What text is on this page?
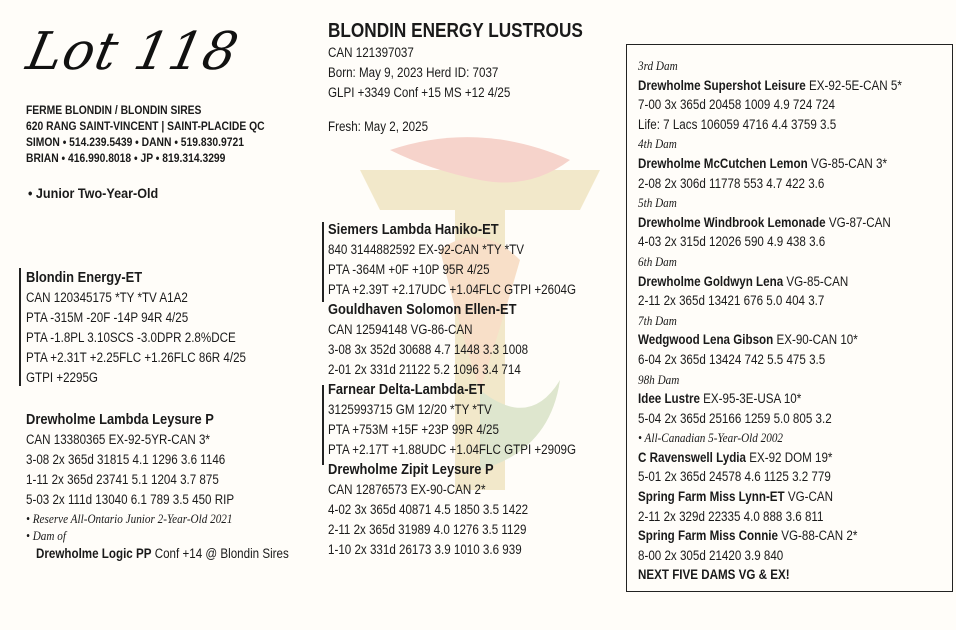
Lot 118
FERME BLONDIN / BLONDIN SIRES
620 RANG SAINT-VINCENT | SAINT-PLACIDE QC
SIMON • 514.239.5439 • DANN • 519.830.9721
BRIAN • 416.990.8018 • JP • 819.314.3299
• Junior Two-Year-Old
BLONDIN ENERGY LUSTROUS
CAN 121397037
Born: May 9, 2023 Herd ID: 7037
GLPI +3349 Conf +15 MS +12 4/25
Fresh: May 2, 2025
Blondin Energy-ET
CAN 120345175 *TY *TV A1A2
PTA -315M -20F -14P 94R 4/25
PTA -1.8PL 3.10SCS -3.0DPR 2.8%DCE
PTA +2.31T +2.25FLC +1.26FLC 86R 4/25
GTPI +2295G
Drewholme Lambda Leysure P
CAN 13380365 EX-92-5YR-CAN 3*
3-08 2x 365d 31815 4.1 1296 3.6 1146
1-11 2x 365d 23741 5.1 1204 3.7 875
5-03 2x 111d 13040 6.1 789 3.5 450 RIP
• Reserve All-Ontario Junior 2-Year-Old 2021
• Dam of
Drewholme Logic PP Conf +14 @ Blondin Sires
Siemers Lambda Haniko-ET
840 3144882592 EX-92-CAN *TY *TV
PTA -364M +0F +10P 95R 4/25
PTA +2.39T +2.17UDC +1.04FLC GTPI +2604G
Gouldhaven Solomon Ellen-ET
CAN 12594148 VG-86-CAN
3-08 3x 352d 30688 4.7 1448 3.3 1008
2-01 2x 331d 21122 5.2 1096 3.4 714
Farnear Delta-Lambda-ET
3125993715 GM 12/20 *TY *TV
PTA +753M +15F +23P 99R 4/25
PTA +2.17T +1.88UDC +1.04FLC GTPI +2909G
Drewholme Zipit Leysure P
CAN 12876573 EX-90-CAN 2*
4-02 3x 365d 40871 4.5 1850 3.5 1422
2-11 2x 365d 31989 4.0 1276 3.5 1129
1-10 2x 331d 26173 3.9 1010 3.6 939
3rd Dam
Drewholme Supershot Leisure EX-92-5E-CAN 5*
7-00 3x 365d 20458 1009 4.9 724 724
Life: 7 Lacs 106059 4716 4.4 3759 3.5
4th Dam
Drewholme McCutchen Lemon VG-85-CAN 3*
2-08 2x 306d 11778 553 4.7 422 3.6
5th Dam
Drewholme Windbrook Lemonade VG-87-CAN
4-03 2x 315d 12026 590 4.9 438 3.6
6th Dam
Drewholme Goldwyn Lena VG-85-CAN
2-11 2x 365d 13421 676 5.0 404 3.7
7th Dam
Wedgwood Lena Gibson EX-90-CAN 10*
6-04 2x 365d 13424 742 5.5 475 3.5
98h Dam
Idee Lustre EX-95-3E-USA 10*
5-04 2x 365d 25166 1259 5.0 805 3.2
• All-Canadian 5-Year-Old 2002
C Ravenswell Lydia EX-92 DOM 19*
5-01 2x 365d 24578 4.6 1125 3.2 779
Spring Farm Miss Lynn-ET VG-CAN
2-11 2x 329d 22335 4.0 888 3.6 811
Spring Farm Miss Connie VG-88-CAN 2*
8-00 2x 305d 21420 3.9 840
NEXT FIVE DAMS VG & EX!
